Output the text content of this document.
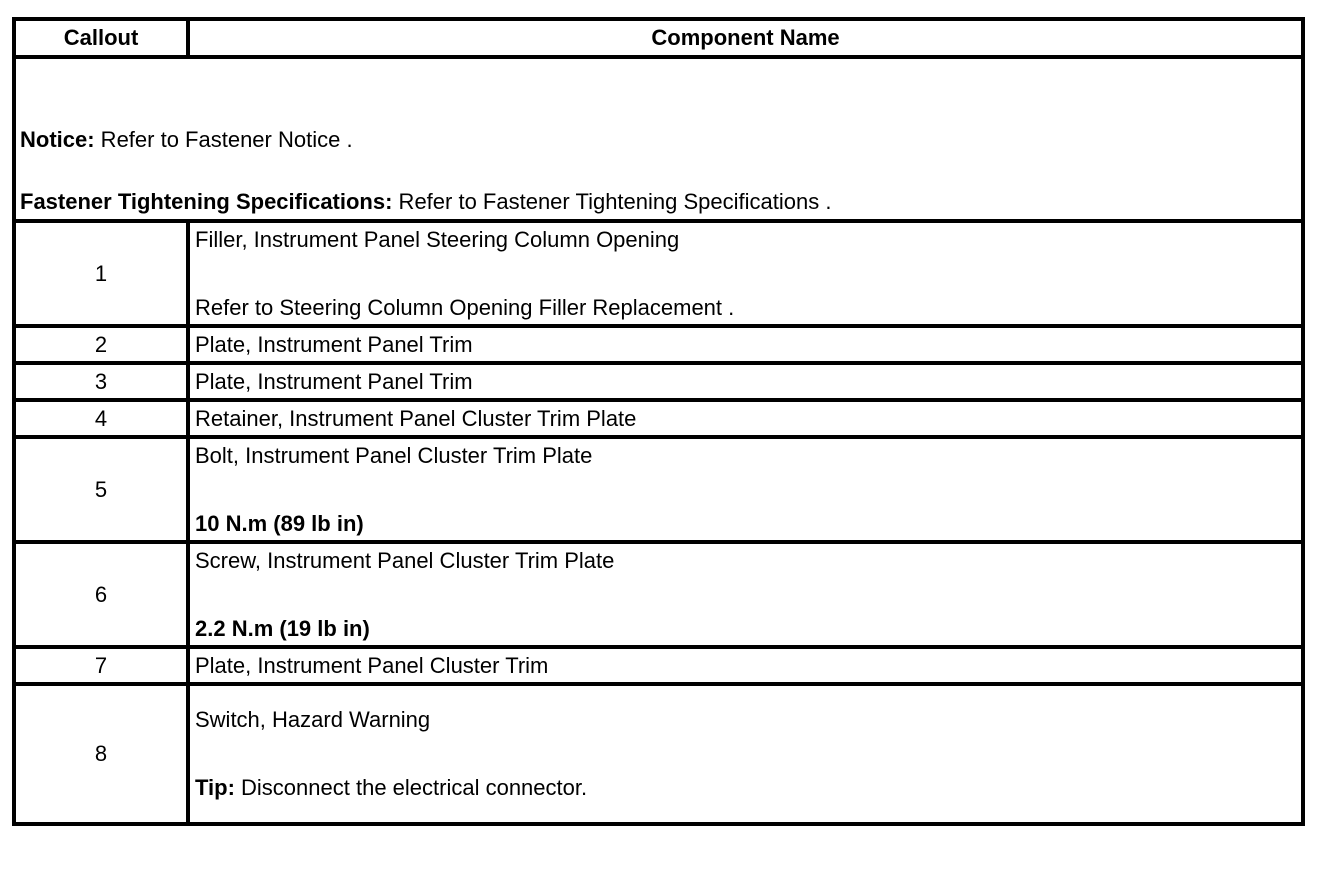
Callout	Component Name

Notice: Refer to Fastener Notice .
Fastener Tightening Specifications: Refer to Fastener Tightening Specifications .	

1	Filler, Instrument Panel Steering Column Opening
Refer to Steering Column Opening Filler Replacement .

2	Plate, Instrument Panel Trim
3	Plate, Instrument Panel Trim
4	Retainer, Instrument Panel Cluster Trim Plate
5	Bolt, Instrument Panel Cluster Trim Plate
10 N.m (89 lb in)

6	Screw, Instrument Panel Cluster Trim Plate
2.2 N.m (19 lb in)

7	Plate, Instrument Panel Cluster Trim
8	Switch, Hazard Warning
Tip: Disconnect the electrical connector.
